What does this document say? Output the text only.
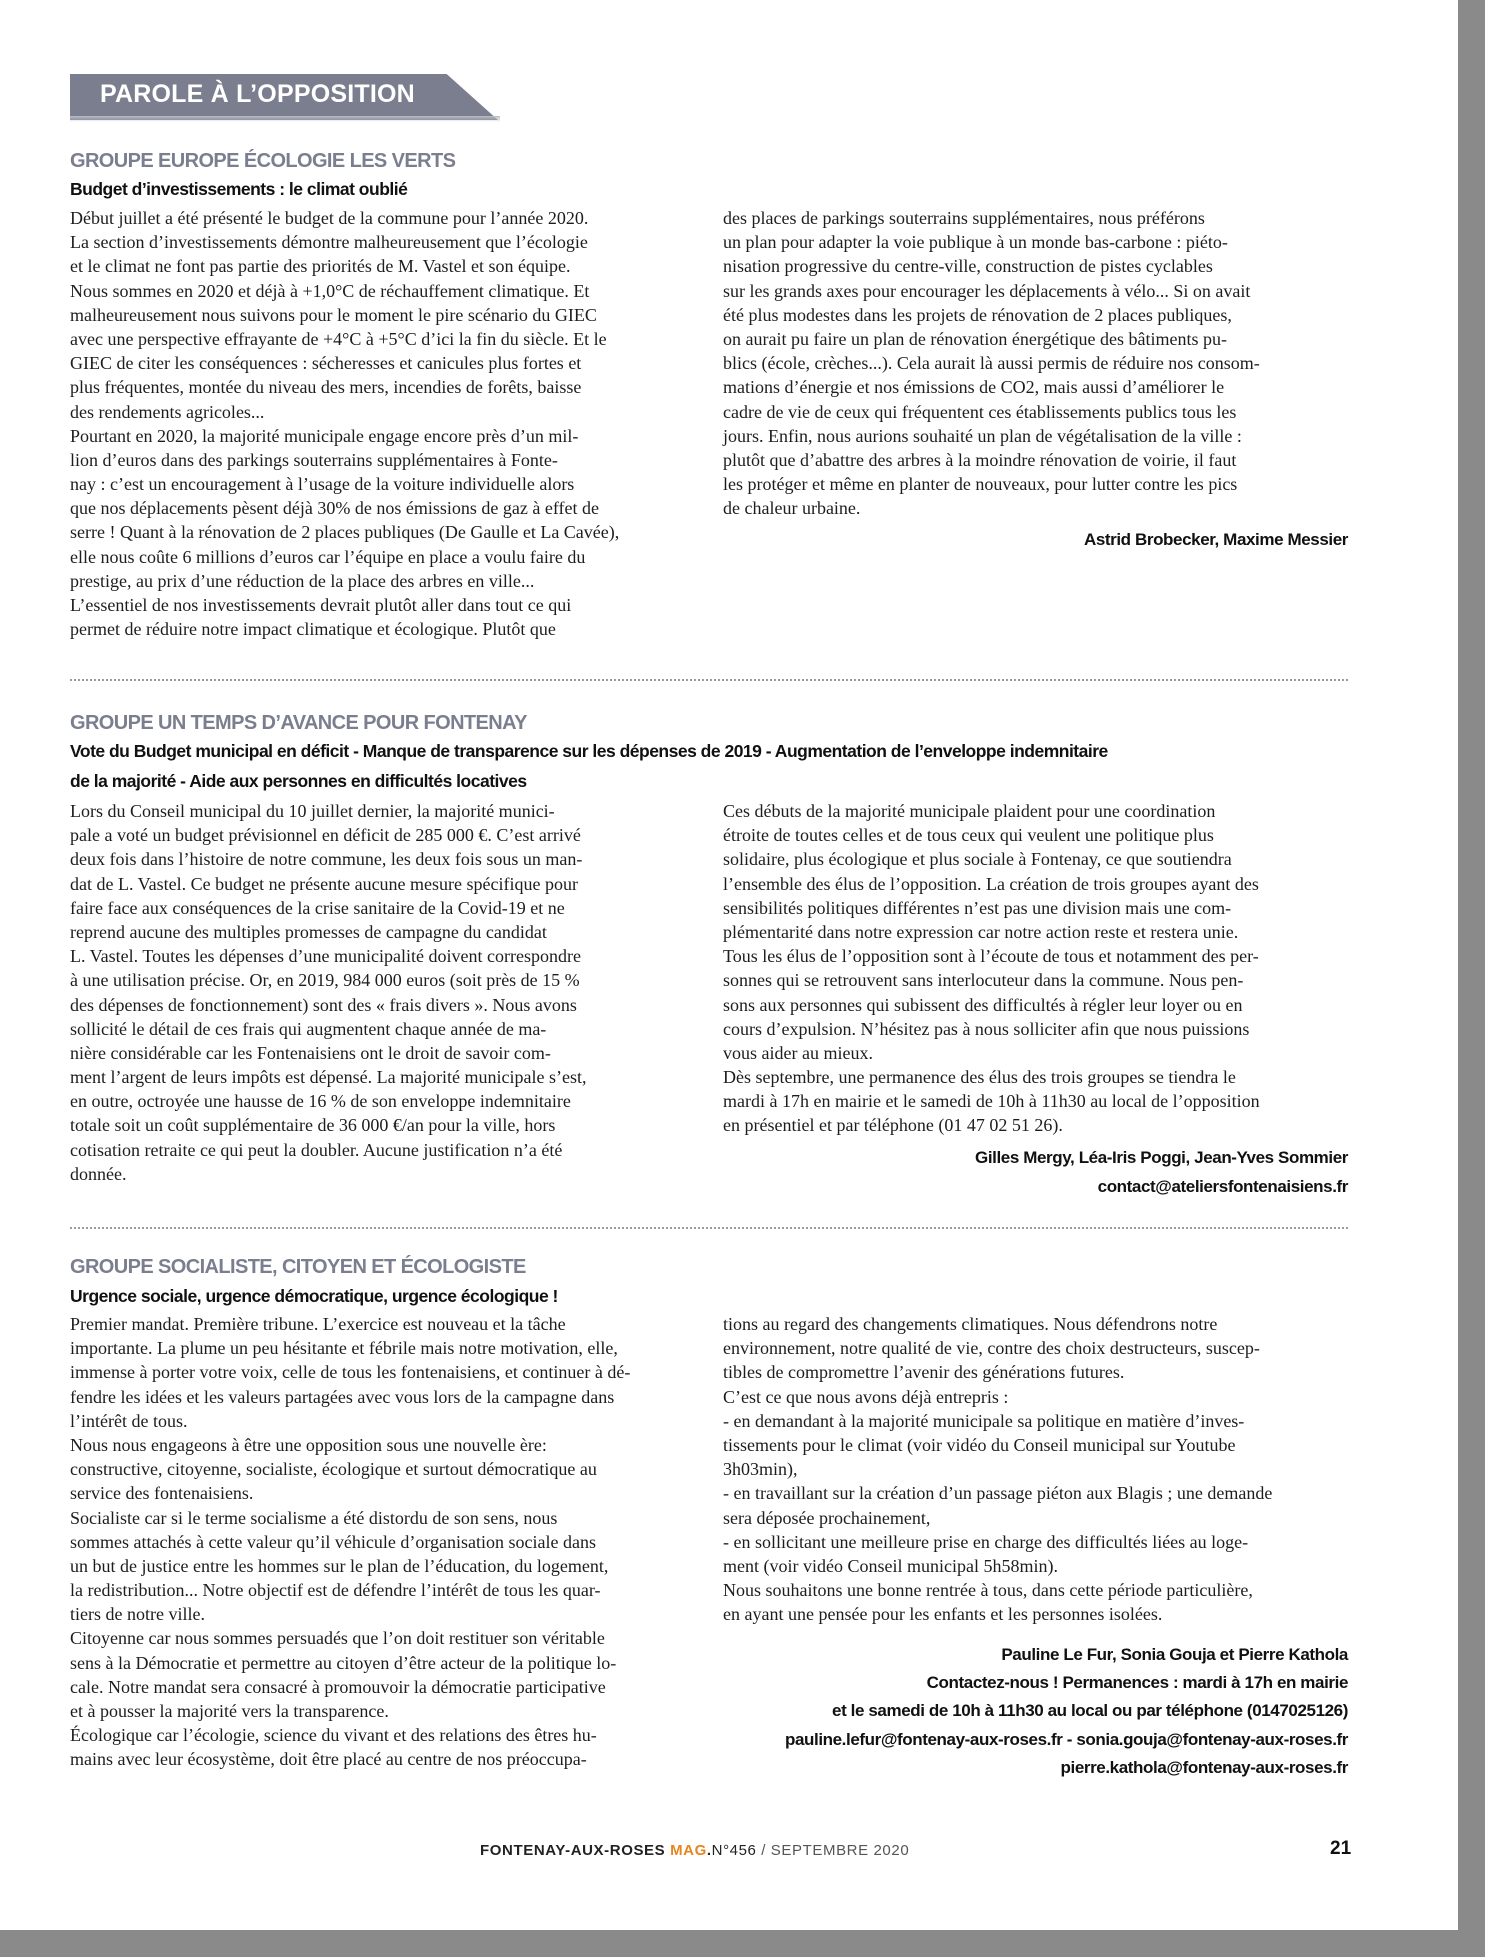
PAROLE À L’OPPOSITION
GROUPE EUROPE ÉCOLOGIE LES VERTS
Budget d’investissements : le climat oublié
Début juillet a été présenté le budget de la commune pour l’année 2020.
La section d’investissements démontre malheureusement que l’écologie
et le climat ne font pas partie des priorités de M. Vastel et son équipe.
Nous sommes en 2020 et déjà à +1,0°C de réchauffement climatique. Et
malheureusement nous suivons pour le moment le pire scénario du GIEC
avec une perspective effrayante de +4°C à +5°C d’ici la fin du siècle. Et le
GIEC de citer les conséquences : sécheresses et canicules plus fortes et
plus fréquentes, montée du niveau des mers, incendies de forêts, baisse
des rendements agricoles...
Pourtant en 2020, la majorité municipale engage encore près d’un mil-
lion d’euros dans des parkings souterrains supplémentaires à Fonte-
nay : c’est un encouragement à l’usage de la voiture individuelle alors
que nos déplacements pèsent déjà 30% de nos émissions de gaz à effet de
serre ! Quant à la rénovation de 2 places publiques (De Gaulle et La Cavée),
elle nous coûte 6 millions d’euros car l’équipe en place a voulu faire du
prestige, au prix d’une réduction de la place des arbres en ville...
L’essentiel de nos investissements devrait plutôt aller dans tout ce qui
permet de réduire notre impact climatique et écologique. Plutôt que
des places de parkings souterrains supplémentaires, nous préférons
un plan pour adapter la voie publique à un monde bas-carbone : piéto-
nisation progressive du centre-ville, construction de pistes cyclables
sur les grands axes pour encourager les déplacements à vélo... Si on avait
été plus modestes dans les projets de rénovation de 2 places publiques,
on aurait pu faire un plan de rénovation énergétique des bâtiments pu-
blics (école, crèches...). Cela aurait là aussi permis de réduire nos consom-
mations d’énergie et nos émissions de CO2, mais aussi d’améliorer le
cadre de vie de ceux qui fréquentent ces établissements publics tous les
jours. Enfin, nous aurions souhaité un plan de végétalisation de la ville :
plutôt que d’abattre des arbres à la moindre rénovation de voirie, il faut
les protéger et même en planter de nouveaux, pour lutter contre les pics
de chaleur urbaine.
Astrid Brobecker, Maxime Messier
GROUPE UN TEMPS D’AVANCE POUR FONTENAY
Vote du Budget municipal en déficit - Manque de transparence sur les dépenses de 2019 - Augmentation de l’enveloppe indemnitaire
de la majorité - Aide aux personnes en difficultés locatives
Lors du Conseil municipal du 10 juillet dernier, la majorité munici-
pale a voté un budget prévisionnel en déficit de 285 000 €. C’est arrivé
deux fois dans l’histoire de notre commune, les deux fois sous un man-
dat de L. Vastel. Ce budget ne présente aucune mesure spécifique pour
faire face aux conséquences de la crise sanitaire de la Covid-19 et ne
reprend aucune des multiples promesses de campagne du candidat
L. Vastel. Toutes les dépenses d’une municipalité doivent correspondre
à une utilisation précise. Or, en 2019, 984 000 euros (soit près de 15 %
des dépenses de fonctionnement) sont des « frais divers ». Nous avons
sollicité le détail de ces frais qui augmentent chaque année de ma-
nière considérable car les Fontenaisiens ont le droit de savoir com-
ment l’argent de leurs impôts est dépensé. La majorité municipale s’est,
en outre, octroyée une hausse de 16 % de son enveloppe indemnitaire
totale soit un coût supplémentaire de 36 000 €/an pour la ville, hors
cotisation retraite ce qui peut la doubler. Aucune justification n’a été
donnée.
Ces débuts de la majorité municipale plaident pour une coordination
étroite de toutes celles et de tous ceux qui veulent une politique plus
solidaire, plus écologique et plus sociale à Fontenay, ce que soutiendra
l’ensemble des élus de l’opposition. La création de trois groupes ayant des
sensibilités politiques différentes n’est pas une division mais une com-
plémentarité dans notre expression car notre action reste et restera unie.
Tous les élus de l’opposition sont à l’écoute de tous et notamment des per-
sonnes qui se retrouvent sans interlocuteur dans la commune. Nous pen-
sons aux personnes qui subissent des difficultés à régler leur loyer ou en
cours d’expulsion. N’hésitez pas à nous solliciter afin que nous puissions
vous aider au mieux.
Dès septembre, une permanence des élus des trois groupes se tiendra le
mardi à 17h en mairie et le samedi de 10h à 11h30 au local de l’opposition
en présentiel et par téléphone (01 47 02 51 26).
Gilles Mergy, Léa-Iris Poggi, Jean-Yves Sommier
contact@ateliersfontenaisiens.fr
GROUPE SOCIALISTE, CITOYEN ET ÉCOLOGISTE
Urgence sociale, urgence démocratique, urgence écologique !
Premier mandat. Première tribune. L’exercice est nouveau et la tâche
importante. La plume un peu hésitante et fébrile mais notre motivation, elle,
immense à porter votre voix, celle de tous les fontenaisiens, et continuer à dé-
fendre les idées et les valeurs partagées avec vous lors de la campagne dans
l’intérêt de tous.
Nous nous engageons à être une opposition sous une nouvelle ère:
constructive, citoyenne, socialiste, écologique et surtout démocratique au
service des fontenaisiens.
Socialiste car si le terme socialisme a été distordu de son sens, nous
sommes attachés à cette valeur qu’il véhicule d’organisation sociale dans
un but de justice entre les hommes sur le plan de l’éducation, du logement,
la redistribution... Notre objectif est de défendre l’intérêt de tous les quar-
tiers de notre ville.
Citoyenne car nous sommes persuadés que l’on doit restituer son véritable
sens à la Démocratie et permettre au citoyen d’être acteur de la politique lo-
cale. Notre mandat sera consacré à promouvoir la démocratie participative
et à pousser la majorité vers la transparence.
Écologique car l’écologie, science du vivant et des relations des êtres hu-
mains avec leur écosystème, doit être placé au centre de nos préoccupa-
tions au regard des changements climatiques. Nous défendrons notre
environnement, notre qualité de vie, contre des choix destructeurs, suscep-
tibles de compromettre l’avenir des générations futures.
C’est ce que nous avons déjà entrepris :
- en demandant à la majorité municipale sa politique en matière d’inves-
tissements pour le climat (voir vidéo du Conseil municipal sur Youtube
3h03min),
- en travaillant sur la création d’un passage piéton aux Blagis ; une demande
sera déposée prochainement,
- en sollicitant une meilleure prise en charge des difficultés liées au loge-
ment (voir vidéo Conseil municipal 5h58min).
Nous souhaitons une bonne rentrée à tous, dans cette période particulière,
en ayant une pensée pour les enfants et les personnes isolées.
Pauline Le Fur, Sonia Gouja et Pierre Kathola
Contactez-nous ! Permanences : mardi à 17h en mairie
et le samedi de 10h à 11h30 au local ou par téléphone (0147025126)
pauline.lefur@fontenay-aux-roses.fr - sonia.gouja@fontenay-aux-roses.fr
pierre.kathola@fontenay-aux-roses.fr
FONTENAY-AUX-ROSES MAG.N°456 / SEPTEMBRE 2020	21
